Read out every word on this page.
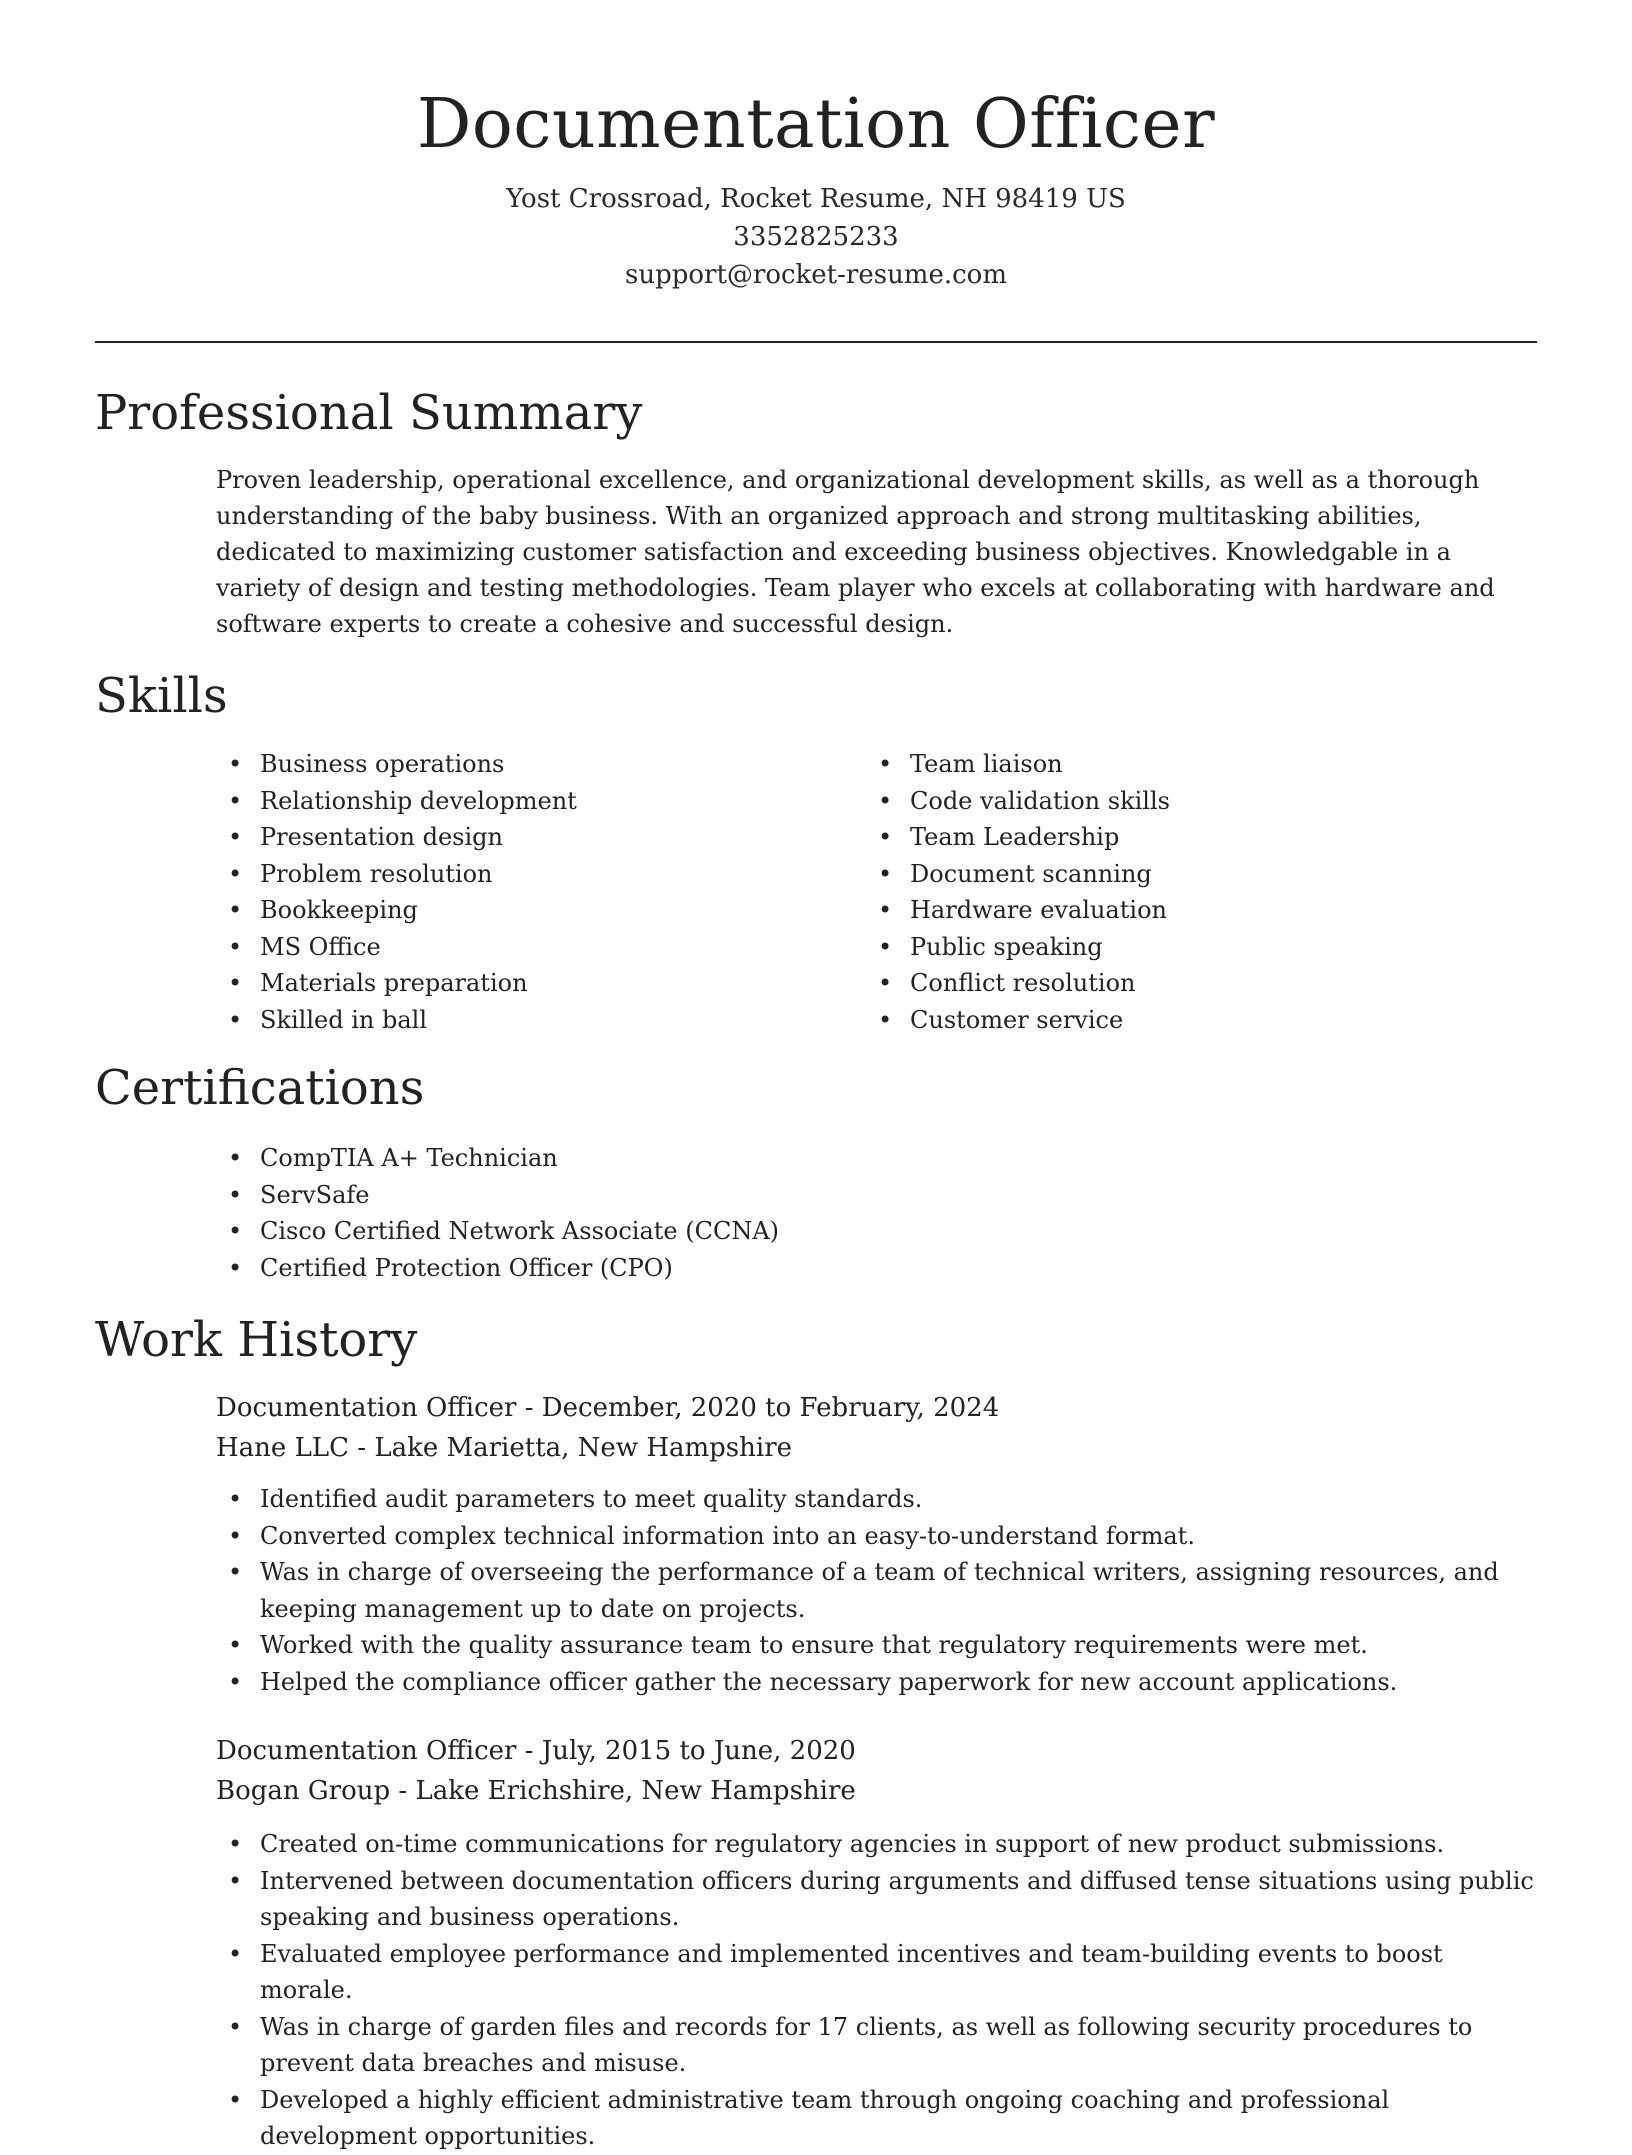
Documentation Officer
Yost Crossroad, Rocket Resume, NH 98419 US
3352825233
support@rocket-resume.com
Professional Summary

Proven leadership, operational excellence, and organizational development skills, as well as a thorough understanding of the baby business. With an organized approach and strong multitasking abilities, dedicated to maximizing customer satisfaction and exceeding business objectives. Knowledgable in a variety of design and testing methodologies. Team player who excels at collaborating with hardware and software experts to create a cohesive and successful design.

Skills
• Business operations
• Relationship development
• Presentation design
• Problem resolution
• Bookkeeping
• MS Office
• Materials preparation
• Skilled in ball
• Team liaison
• Code validation skills
• Team Leadership
• Document scanning
• Hardware evaluation
• Public speaking
• Conflict resolution
• Customer service
Certifications
• CompTIA A+ Technician
• ServSafe
• Cisco Certified Network Associate (CCNA)
• Certified Protection Officer (CPO)
Work History
Documentation Officer - December, 2020 to February, 2024
Hane LLC - Lake Marietta, New Hampshire
• Identified audit parameters to meet quality standards.
• Converted complex technical information into an easy-to-understand format.
• Was in charge of overseeing the performance of a team of technical writers, assigning resources, and keeping management up to date on projects.
• Worked with the quality assurance team to ensure that regulatory requirements were met.
• Helped the compliance officer gather the necessary paperwork for new account applications.
Documentation Officer - July, 2015 to June, 2020
Bogan Group - Lake Erichshire, New Hampshire
• Created on-time communications for regulatory agencies in support of new product submissions.
• Intervened between documentation officers during arguments and diffused tense situations using public speaking and business operations.
• Evaluated employee performance and implemented incentives and team-building events to boost morale.
• Was in charge of garden files and records for 17 clients, as well as following security procedures to prevent data breaches and misuse.
• Developed a highly efficient administrative team through ongoing coaching and professional development opportunities.
